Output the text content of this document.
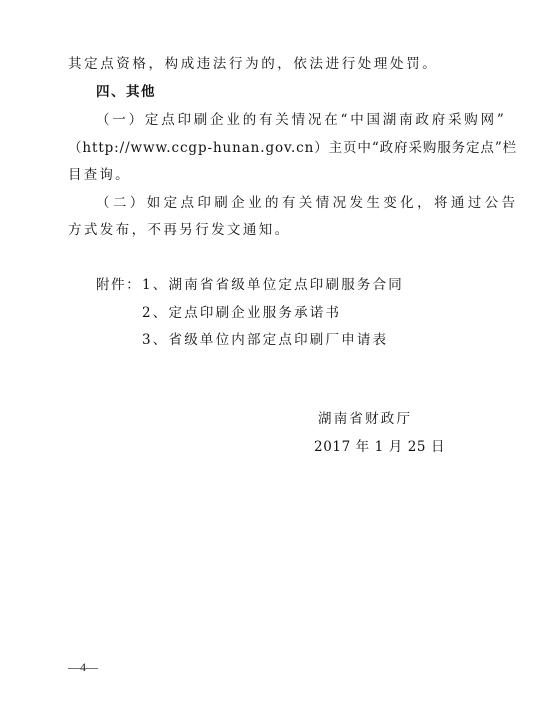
其定点资格，构成违法行为的，依法进行处理处罚。
四、其他
（一）定点印刷企业的有关情况在“中国湖南政府采购网”
（http://www.ccgp-hunan.gov.cn）主页中“政府采购服务定点”栏
目查询。
（二）如定点印刷企业的有关情况发生变化，将通过公告
方式发布，不再另行发文通知。
附件： 1、湖南省省级单位定点印刷服务合同
2、定点印刷企业服务承诺书
3、省级单位内部定点印刷厂申请表
湖南省财政厅
2017 年 1 月 25 日
—4—
